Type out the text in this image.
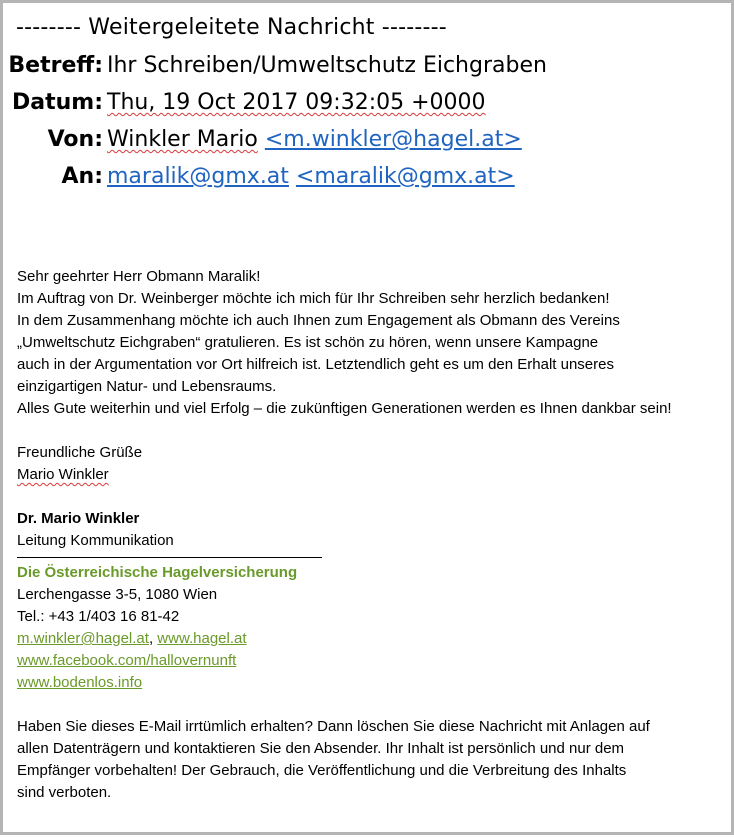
-------- Weitergeleitete Nachricht --------
Betreff: Ihr Schreiben/Umweltschutz Eichgraben
Datum: Thu, 19 Oct 2017 09:32:05 +0000
Von: Winkler Mario <m.winkler@hagel.at>
An: maralik@gmx.at <maralik@gmx.at>

Sehr geehrter Herr Obmann Maralik!

Im Auftrag von Dr. Weinberger möchte ich mich für Ihr Schreiben sehr herzlich bedanken!

In dem Zusammenhang möchte ich auch Ihnen zum Engagement als Obmann des Vereins

„Umweltschutz Eichgraben“ gratulieren. Es ist schön zu hören, wenn unsere Kampagne

auch in der Argumentation vor Ort hilfreich ist. Letztendlich geht es um den Erhalt unseres

einzigartigen Natur- und Lebensraums.

Alles Gute weiterhin und viel Erfolg – die zukünftigen Generationen werden es Ihnen dankbar sein!

Freundliche Grüße

Mario Winkler

Dr. Mario Winkler

Leitung Kommunikation

Die Österreichische Hagelversicherung

Lerchengasse 3-5, 1080 Wien

Tel.: +43 1/403 16 81-42

m.winkler@hagel.at, www.hagel.at

www.facebook.com/hallovernunft

www.bodenlos.info

Haben Sie dieses E-Mail irrtümlich erhalten? Dann löschen Sie diese Nachricht mit Anlagen auf

allen Datenträgern und kontaktieren Sie den Absender. Ihr Inhalt ist persönlich und nur dem

Empfänger vorbehalten! Der Gebrauch, die Veröffentlichung und die Verbreitung des Inhalts

sind verboten.
